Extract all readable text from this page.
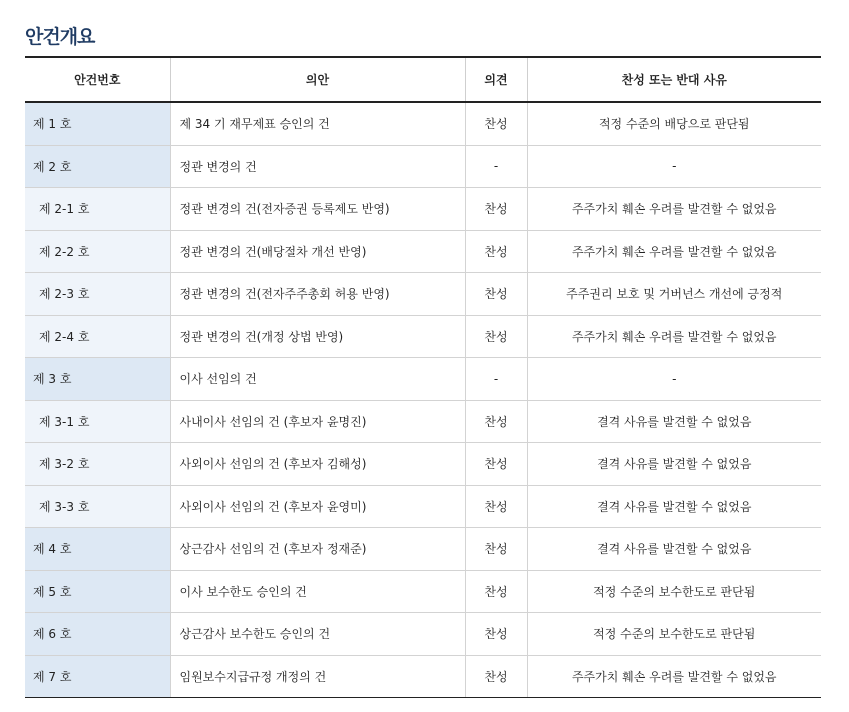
안건개요
안건번호	의안	의견	찬성 또는 반대 사유
제 1 호	제 34 기 재무제표 승인의 건	찬성	적정 수준의 배당으로 판단됨
제 2 호	정관 변경의 건	-	-
제 2-1 호	정관 변경의 건(전자증권 등록제도 반영)	찬성	주주가치 훼손 우려를 발견할 수 없었음
제 2-2 호	정관 변경의 건(배당절차 개선 반영)	찬성	주주가치 훼손 우려를 발견할 수 없었음
제 2-3 호	정관 변경의 건(전자주주총회 허용 반영)	찬성	주주권리 보호 및 거버넌스 개선에 긍정적
제 2-4 호	정관 변경의 건(개정 상법 반영)	찬성	주주가치 훼손 우려를 발견할 수 없었음
제 3 호	이사 선임의 건	-	-
제 3-1 호	사내이사 선임의 건 (후보자 윤명진)	찬성	결격 사유를 발견할 수 없었음
제 3-2 호	사외이사 선임의 건 (후보자 김해성)	찬성	결격 사유를 발견할 수 없었음
제 3-3 호	사외이사 선임의 건 (후보자 윤영미)	찬성	결격 사유를 발견할 수 없었음
제 4 호	상근감사 선임의 건 (후보자 정재준)	찬성	결격 사유를 발견할 수 없었음
제 5 호	이사 보수한도 승인의 건	찬성	적정 수준의 보수한도로 판단됨
제 6 호	상근감사 보수한도 승인의 건	찬성	적정 수준의 보수한도로 판단됨
제 7 호	임원보수지급규정 개정의 건	찬성	주주가치 훼손 우려를 발견할 수 없었음
